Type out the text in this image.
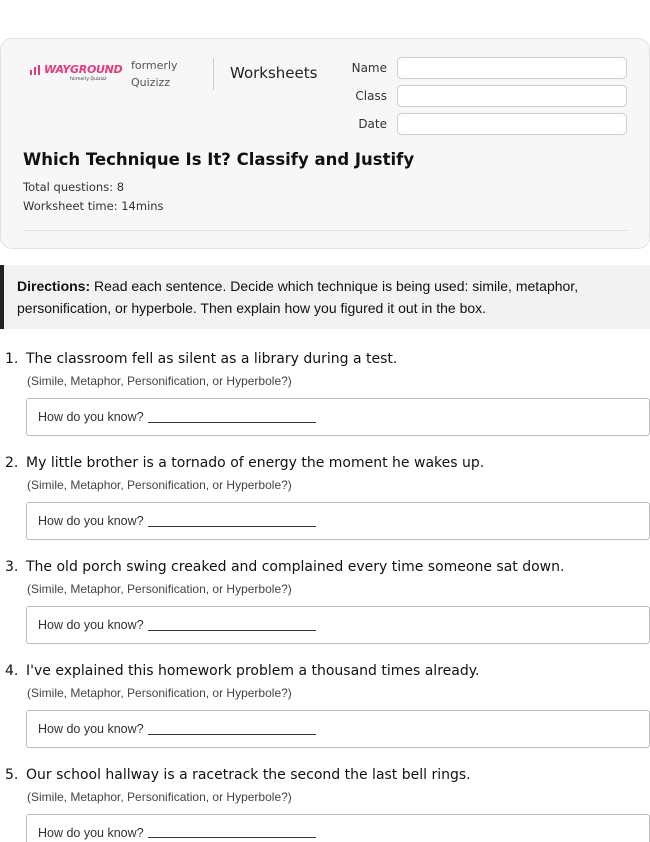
WAYGROUND
formerly Quizizz
formerly
Quizizz
Worksheets	Name
Class
Date
Which Technique Is It? Classify and Justify
Total questions: 8
Worksheet time: 14mins
Directions: Read each sentence. Decide which technique is being used: simile, metaphor, personification, or hyperbole. Then explain how you figured it out in the box.
1. The classroom fell as silent as a library during a test.
(Simile, Metaphor, Personification, or Hyperbole?)
How do you know?
2. My little brother is a tornado of energy the moment he wakes up.
(Simile, Metaphor, Personification, or Hyperbole?)
How do you know?
3. The old porch swing creaked and complained every time someone sat down.
(Simile, Metaphor, Personification, or Hyperbole?)
How do you know?
4. I've explained this homework problem a thousand times already.
(Simile, Metaphor, Personification, or Hyperbole?)
How do you know?
5. Our school hallway is a racetrack the second the last bell rings.
(Simile, Metaphor, Personification, or Hyperbole?)
How do you know?
